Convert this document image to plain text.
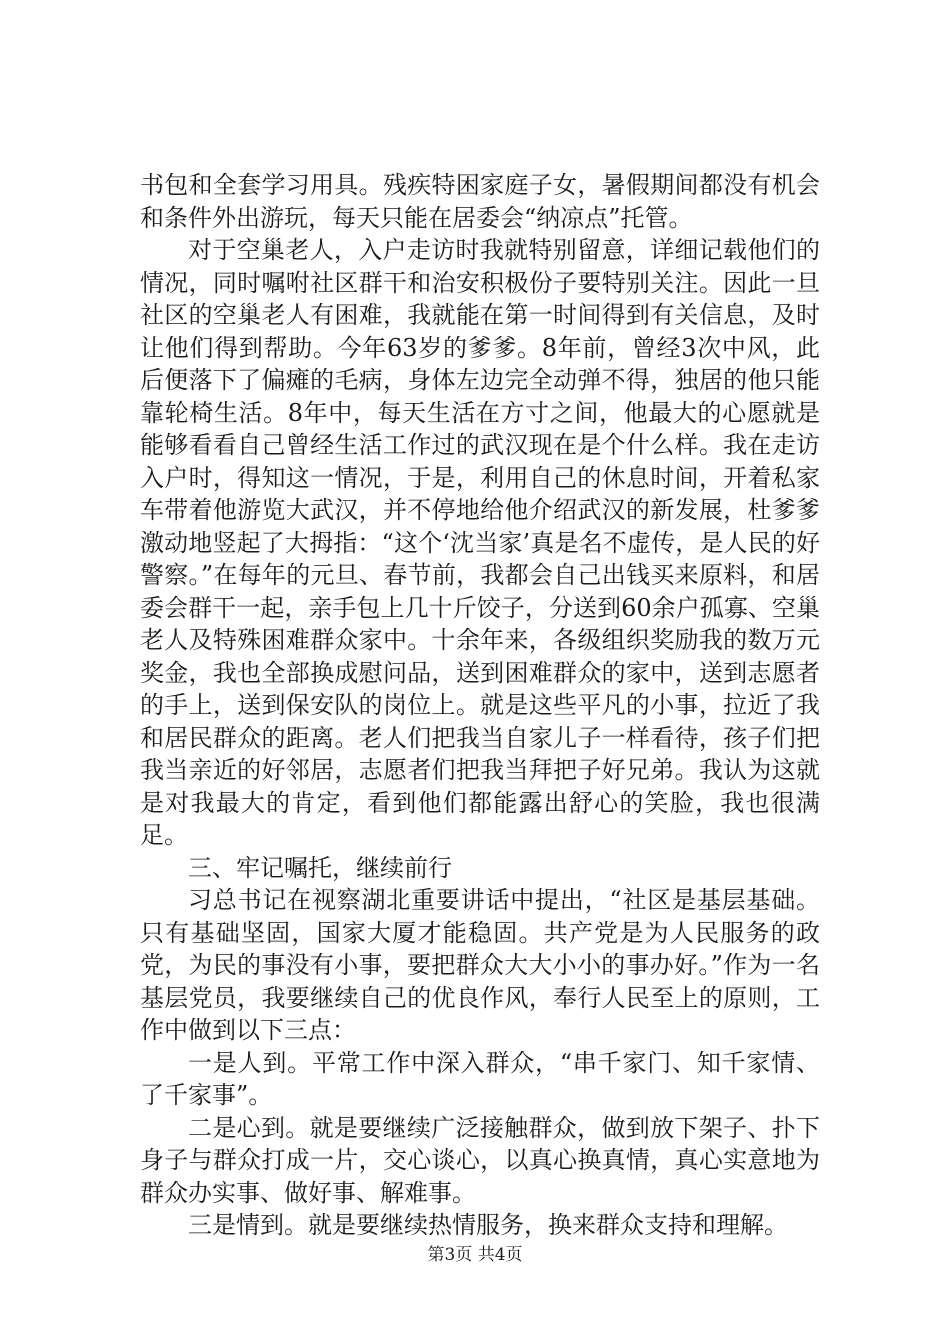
书包和全套学习用具。残疾特困家庭子女，暑假期间都没有机会和条件外出游玩，每天只能在居委会“纳凉点”托管。

对于空巢老人，入户走访时我就特别留意，详细记载他们的情况，同时嘱咐社区群干和治安积极份子要特别关注。因此一旦社区的空巢老人有困难，我就能在第一时间得到有关信息，及时让他们得到帮助。今年63岁的爹爹。8年前，曾经3次中风，此后便落下了偏瘫的毛病，身体左边完全动弹不得，独居的他只能靠轮椅生活。8年中，每天生活在方寸之间，他最大的心愿就是能够看看自己曾经生活工作过的武汉现在是个什么样。我在走访入户时，得知这一情况，于是，利用自己的休息时间，开着私家车带着他游览大武汉，并不停地给他介绍武汉的新发展，杜爹爹激动地竖起了大拇指：“这个‘沈当家’真是名不虚传，是人民的好警察。”在每年的元旦、春节前，我都会自己出钱买来原料，和居委会群干一起，亲手包上几十斤饺子，分送到60余户孤寡、空巢老人及特殊困难群众家中。十余年来，各级组织奖励我的数万元奖金，我也全部换成慰问品，送到困难群众的家中，送到志愿者的手上，送到保安队的岗位上。就是这些平凡的小事，拉近了我和居民群众的距离。老人们把我当自家儿子一样看待，孩子们把我当亲近的好邻居，志愿者们把我当拜把子好兄弟。我认为这就是对我最大的肯定，看到他们都能露出舒心的笑脸，我也很满足。

三、牢记嘱托，继续前行

习总书记在视察湖北重要讲话中提出，“社区是基层基础。只有基础坚固，国家大厦才能稳固。共产党是为人民服务的政党，为民的事没有小事，要把群众大大小小的事办好。”作为一名基层党员，我要继续自己的优良作风，奉行人民至上的原则，工作中做到以下三点：

一是人到。平常工作中深入群众，“串千家门、知千家情、了千家事”。

二是心到。就是要继续广泛接触群众，做到放下架子、扑下身子与群众打成一片，交心谈心，以真心换真情，真心实意地为群众办实事、做好事、解难事。

三是情到。就是要继续热情服务，换来群众支持和理解。

第3页 共4页
